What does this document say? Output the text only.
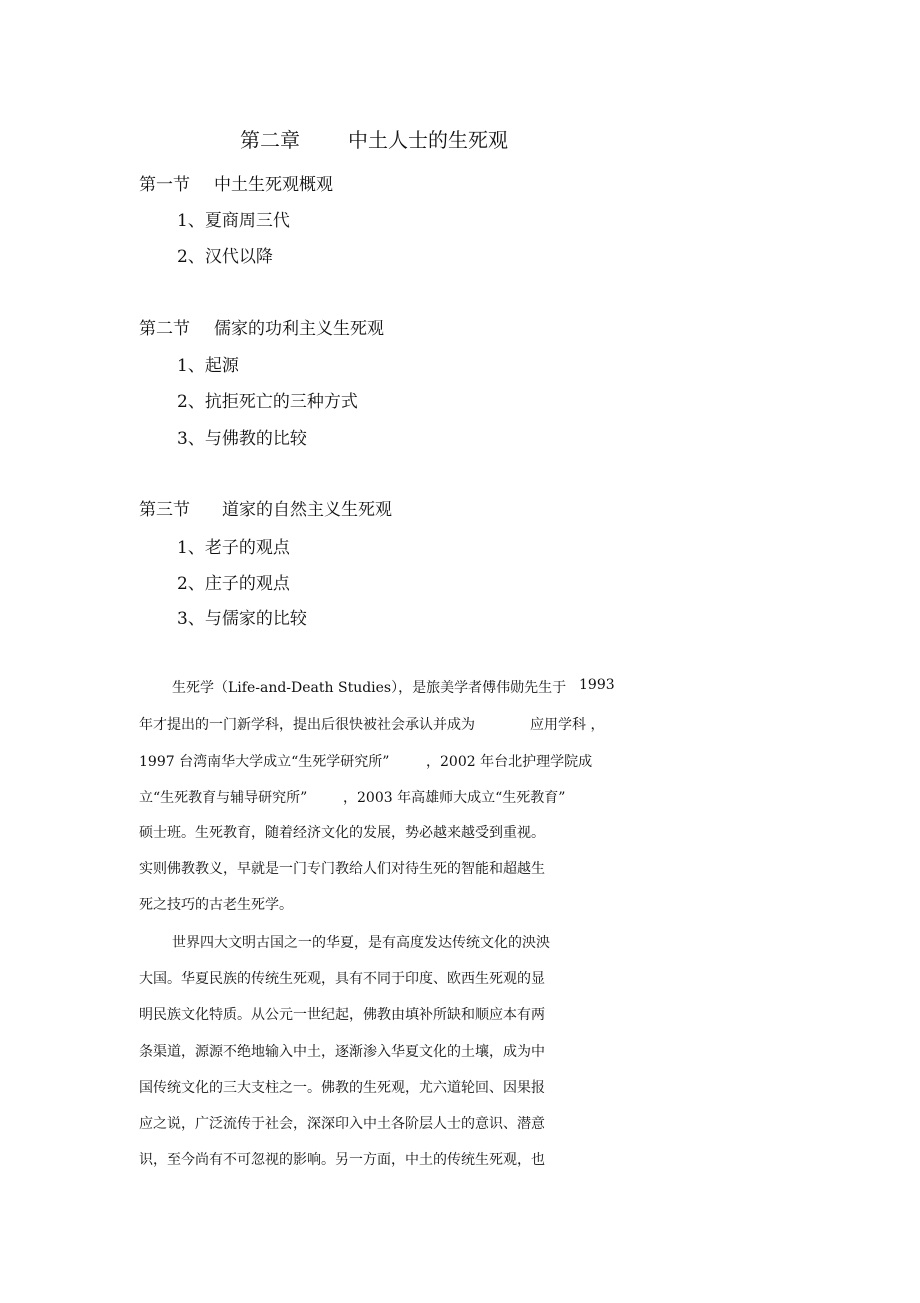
第二章 中土人士的生死观
第一节 中土生死观概观
1、夏商周三代
2、汉代以降
第二节 儒家的功利主义生死观
1、起源
2、抗拒死亡的三种方式
3、与佛教的比较
第三节 道家的自然主义生死观
1、老子的观点
2、庄子的观点
3、与儒家的比较
生死学（Life-and-Death Studies），是旅美学者傅伟勋先生于 1993
年才提出的一门新学科，提出后很快被社会承认并成为	应用学科 ，
1997 台湾南华大学成立“生死学研究所”	，2002 年台北护理学院成
立“生死教育与辅导研究所”	，2003 年高雄师大成立“生死教育”
硕士班。生死教育，随着经济文化的发展，势必越来越受到重视。
实则佛教教义，早就是一门专门教给人们对待生死的智能和超越生
死之技巧的古老生死学。
世界四大文明古国之一的华夏，是有高度发达传统文化的泱泱
大国。华夏民族的传统生死观，具有不同于印度、欧西生死观的显
明民族文化特质。从公元一世纪起，佛教由填补所缺和顺应本有两
条渠道，源源不绝地输入中土，逐渐渗入华夏文化的土壤，成为中
国传统文化的三大支柱之一。佛教的生死观，尤六道轮回、因果报
应之说，广泛流传于社会，深深印入中土各阶层人士的意识、潜意
识，至今尚有不可忽视的影响。另一方面，中土的传统生死观，也
